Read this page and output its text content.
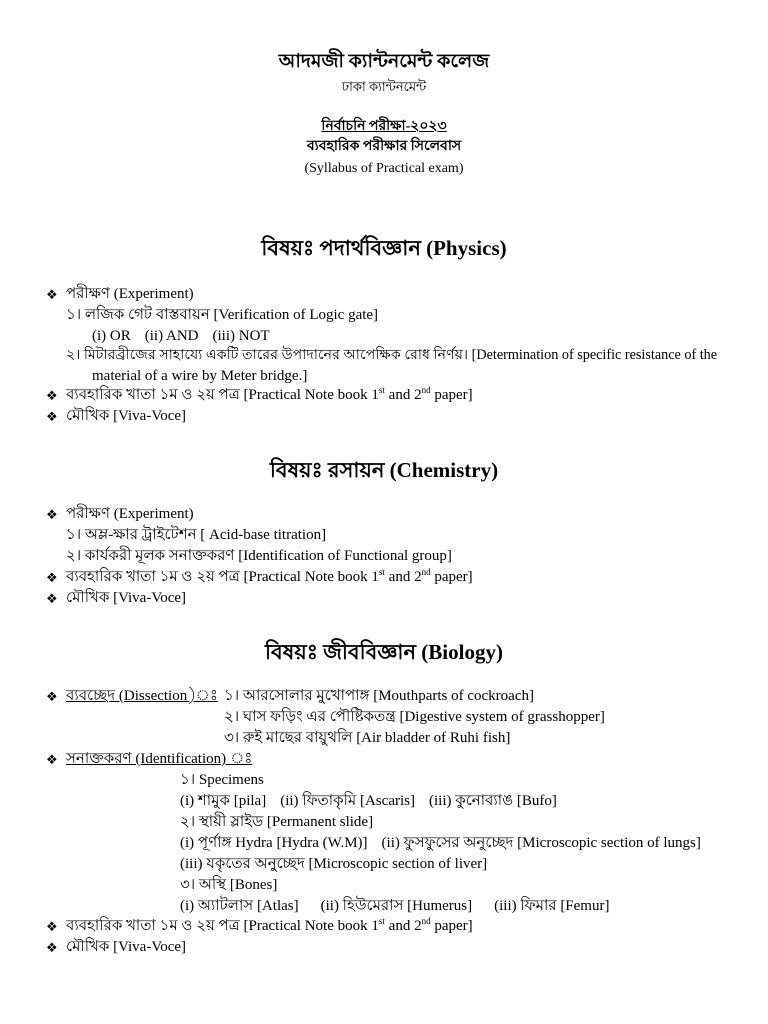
আদমজী ক্যান্টনমেন্ট কলেজ
ঢাকা ক্যান্টনমেন্ট
নির্বাচনি পরীক্ষা-২০২৩
ব্যবহারিক পরীক্ষার সিলেবাস
(Syllabus of Practical exam)
বিষয়ঃ পদার্থবিজ্ঞান (Physics)
❖ পরীক্ষণ (Experiment)
১। লজিক গেট বাস্তবায়ন [Verification of Logic gate]
(i) OR (ii) AND (iii) NOT
২। মিটারব্রীজের সাহায্যে একটি তারের উপাদানের আপেক্ষিক রোধ নির্ণয়। [Determination of specific resistance of the
material of a wire by Meter bridge.]
❖ ব্যবহারিক খাতা ১ম ও ২য় পত্র [Practical Note book 1st and 2nd paper]
❖ মৌখিক [Viva-Voce]
বিষয়ঃ রসায়ন (Chemistry)
❖ পরীক্ষণ (Experiment)
১। অম্ল-ক্ষার ট্রাইটেশন [ Acid-base titration]
২। কার্যকরী মূলক সনাক্তকরণ [Identification of Functional group]
❖ ব্যবহারিক খাতা ১ম ও ২য় পত্র [Practical Note book 1st and 2nd paper]
❖ মৌখিক [Viva-Voce]
বিষয়ঃ জীববিজ্ঞান (Biology)
❖ ব্যবচ্ছেদ (Dissection)ঃ ১। আরসোলার মুখোপাঙ্গ [Mouthparts of cockroach]
২। ঘাস ফড়িং এর পৌষ্টিকতন্ত্র [Digestive system of grasshopper]
৩। রুই মাছের বায়ুথলি [Air bladder of Ruhi fish]
❖ সনাক্তকরণ (Identification) ঃ
১। Specimens
(i) শামুক [pila] (ii) ফিতাকৃমি [Ascaris] (iii) কুনোব্যাঙ [Bufo]
২। স্থায়ী স্লাইড [Permanent slide]
(i) পূর্ণাঙ্গ Hydra [Hydra (W.M)] (ii) ফুসফুসের অনুচ্ছেদ [Microscopic section of lungs]
(iii) যকৃতের অনুচ্ছেদ [Microscopic section of liver]
৩। অস্থি [Bones]
(i) অ্যাটলাস [Atlas] (ii) হিউমেরাস [Humerus] (iii) ফিমার [Femur]
❖ ব্যবহারিক খাতা ১ম ও ২য় পত্র [Practical Note book 1st and 2nd paper]
❖ মৌখিক [Viva-Voce]
